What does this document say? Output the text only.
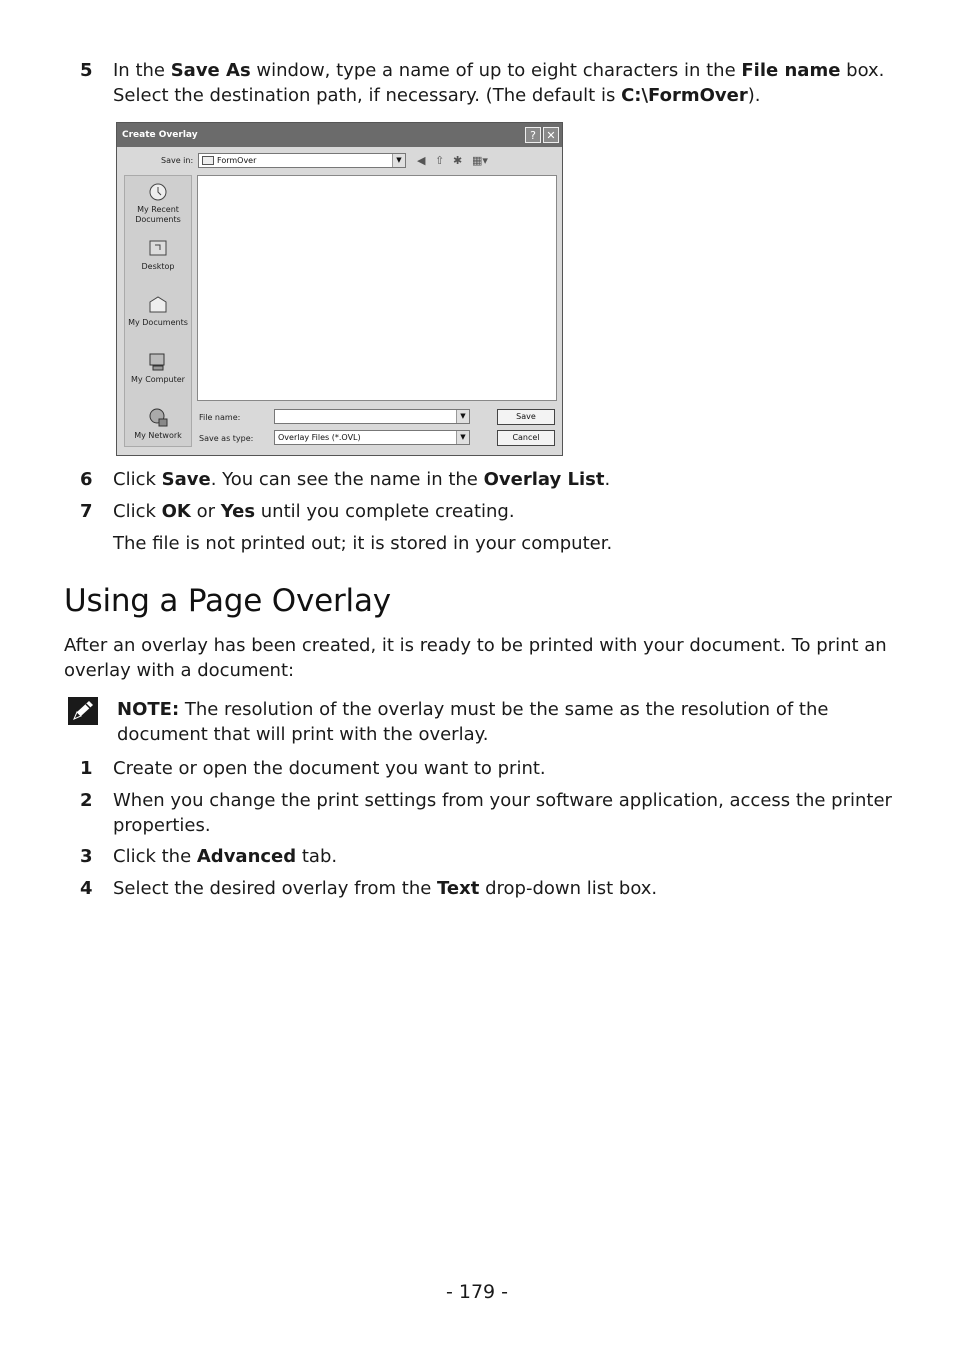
5	In the Save As window, type a name of up to eight characters in the File name box. Select the destination path, if necessary. (The default is C:\FormOver).
Create Overlay	? ✕
Save in:	FormOver	▼	◀ ⇧ ✱ ▦▾
My Recent Documents
Desktop
My Documents
My Computer
My Network
File name:	▼
Save as type:	Overlay Files (*.OVL)	▼
Save
Cancel
6	Click Save. You can see the name in the Overlay List.
7	Click OK or Yes until you complete creating.
The file is not printed out; it is stored in your computer.
Using a Page Overlay
After an overlay has been created, it is ready to be printed with your document. To print an overlay with a document:
NOTE: The resolution of the overlay must be the same as the resolution of the document that will print with the overlay.
1	Create or open the document you want to print.
2	When you change the print settings from your software application, access the printer properties.
3	Click the Advanced tab.
4	Select the desired overlay from the Text drop-down list box.
- 179 -
